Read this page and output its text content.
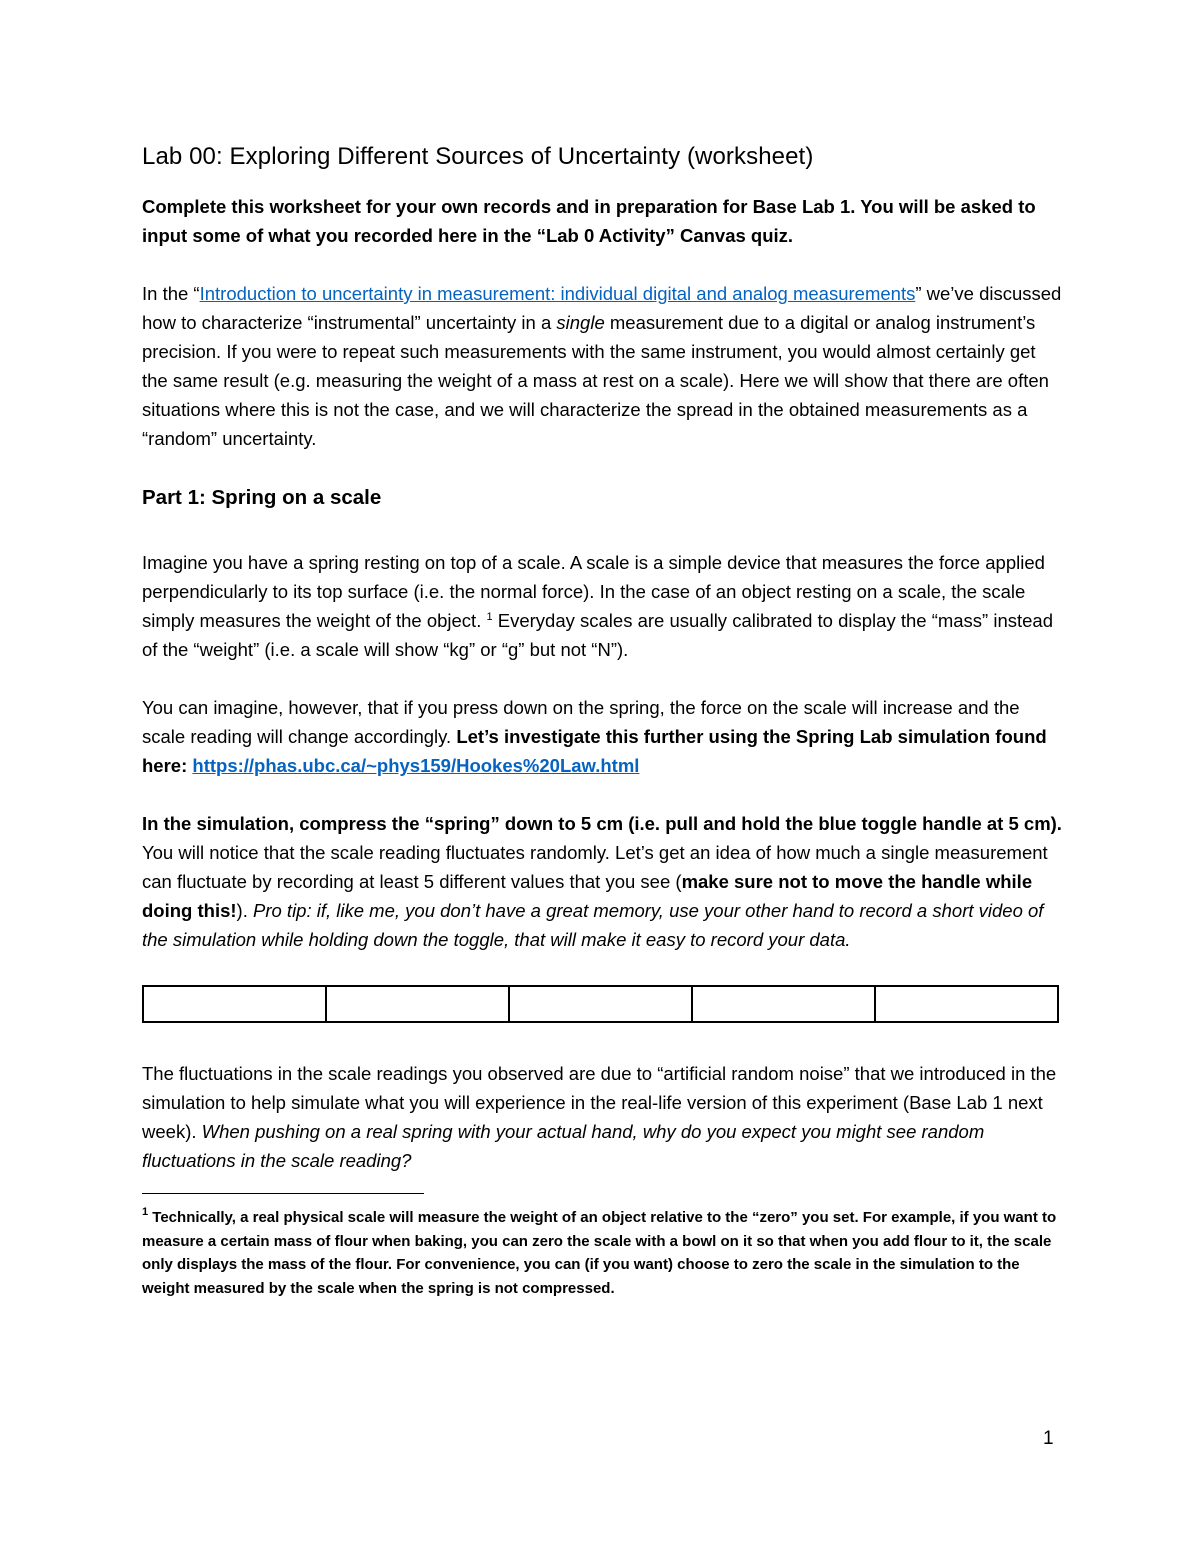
Lab 00: Exploring Different Sources of Uncertainty (worksheet)

Complete this worksheet for your own records and in preparation for Base Lab 1. You will be asked to input some of what you recorded here in the “Lab 0 Activity” Canvas quiz.

In the “Introduction to uncertainty in measurement: individual digital and analog measurements” we’ve discussed how to characterize “instrumental” uncertainty in a single measurement due to a digital or analog instrument’s precision. If you were to repeat such measurements with the same instrument, you would almost certainly get the same result (e.g. measuring the weight of a mass at rest on a scale). Here we will show that there are often situations where this is not the case, and we will characterize the spread in the obtained measurements as a “random” uncertainty.

Part 1: Spring on a scale

Imagine you have a spring resting on top of a scale. A scale is a simple device that measures the force applied perpendicularly to its top surface (i.e. the normal force). In the case of an object resting on a scale, the scale simply measures the weight of the object. $^1$ Everyday scales are usually calibrated to display the “mass” instead of the “weight” (i.e. a scale will show “kg” or “g” but not “N”).

You can imagine, however, that if you press down on the spring, the force on the scale will increase and the scale reading will change accordingly. Let’s investigate this further using the Spring Lab simulation found here: https://phas.ubc.ca/~phys159/Hookes%20Law.html

In the simulation, compress the “spring” down to 5 cm (i.e. pull and hold the blue toggle handle at 5 cm). You will notice that the scale reading fluctuates randomly. Let’s get an idea of how much a single measurement can fluctuate by recording at least 5 different values that you see (make sure not to move the handle while doing this!). Pro tip: if, like me, you don’t have a great memory, use your other hand to record a short video of the simulation while holding down the toggle, that will make it easy to record your data.

The fluctuations in the scale readings you observed are due to “artificial random noise” that we introduced in the simulation to help simulate what you will experience in the real-life version of this experiment (Base Lab 1 next week). When pushing on a real spring with your actual hand, why do you expect you might see random fluctuations in the scale reading?

$^1$ Technically, a real physical scale will measure the weight of an object relative to the “zero” you set. For example, if you want to measure a certain mass of flour when baking, you can zero the scale with a bowl on it so that when you add flour to it, the scale only displays the mass of the flour. For convenience, you can (if you want) choose to zero the scale in the simulation to the weight measured by the scale when the spring is not compressed.

1
